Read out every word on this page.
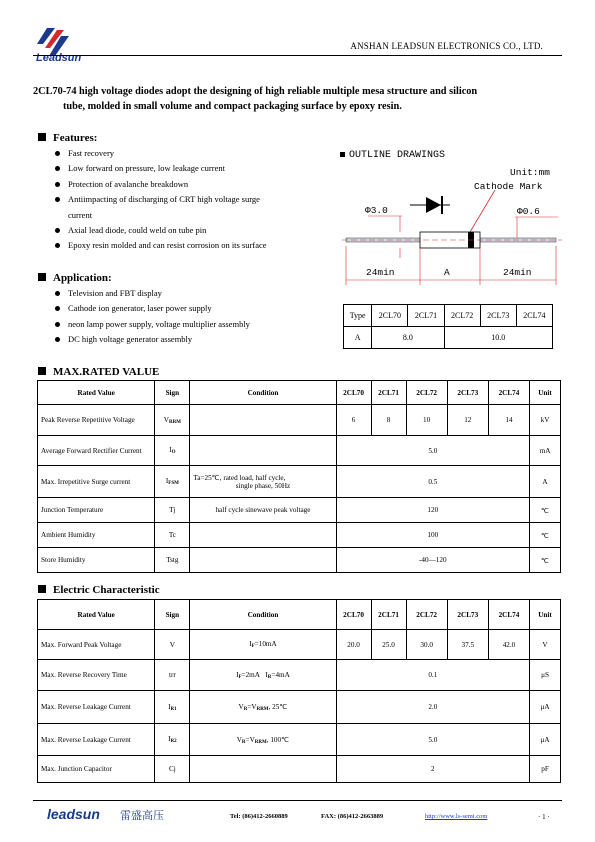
Leadsun
ANSHAN LEADSUN ELECTRONICS CO., LTD.
2CL70-74 high voltage diodes adopt the designing of high reliable multiple mesa structure and silicon
tube, molded in small volume and compact packaging surface by epoxy resin.
Features:
Fast recovery
Low forward on pressure, low leakage current
Protection of avalanche breakdown
Antiimpacting of discharging of CRT high voltage surge
current
Axial lead diode, could weld on tube pin
Epoxy resin molded and can resist corrosion on its surface
Application:
Television and FBT display
Cathode ion generator, laser power supply
neon lamp power supply, voltage multiplier assembly
DC high voltage generator assembly
OUTLINE DRAWINGS
Unit:mm
Cathode Mark
Φ3.0	Φ0.6
24min	A	24min
Type	2CL70	2CL71	2CL72	2CL73	2CL74
A	8.0		10.0		
MAX.RATED VALUE
Rated Value	Sign	Condition	2CL70	2CL71	2CL72	2CL73	2CL74	Unit
Peak Reverse Repetitive Voltage	$V_{RRM}$		6	8	10	12	14	kV
Average Forward Rectifier Current	$I_O$		5.0					mA
Max. Irrepetitive Surge current	$I_{FSM}$	Ta=25℃, rated load, half cycle,
single phase, 50Hz	0.5					A
Junction Temperature	Tj	half cycle sinewave peak voltage	120					℃
Ambient Humidity	Tc		100					℃
Store Humidity	Tstg		-40—120					℃
Electric Characteristic
Rated Value	Sign	Condition	2CL70	2CL71	2CL72	2CL73	2CL74	Unit
Max. Forward Peak Voltage	V	$I_F=10mA$	20.0	25.0	30.0	37.5	42.0	V
Max. Reverse Recovery Time	trr	$I_F=2mA$ $I_R=4mA$	0.1					μS
Max. Reverse Leakage Current	$I_{R1}$	$V_R=V_{RRM}$, 25℃	2.0					μA
Max. Reverse Leakage Current	$I_{R2}$	$V_R=V_{RRM}$, 100℃	5.0					μA
Max. Junction Capacitor	Cj		2					pF
leadsun 雷盛高压	Tel: (86)412-2660889	FAX: (86)412-2663889	http://www.ls-semi.com	· 1 ·
